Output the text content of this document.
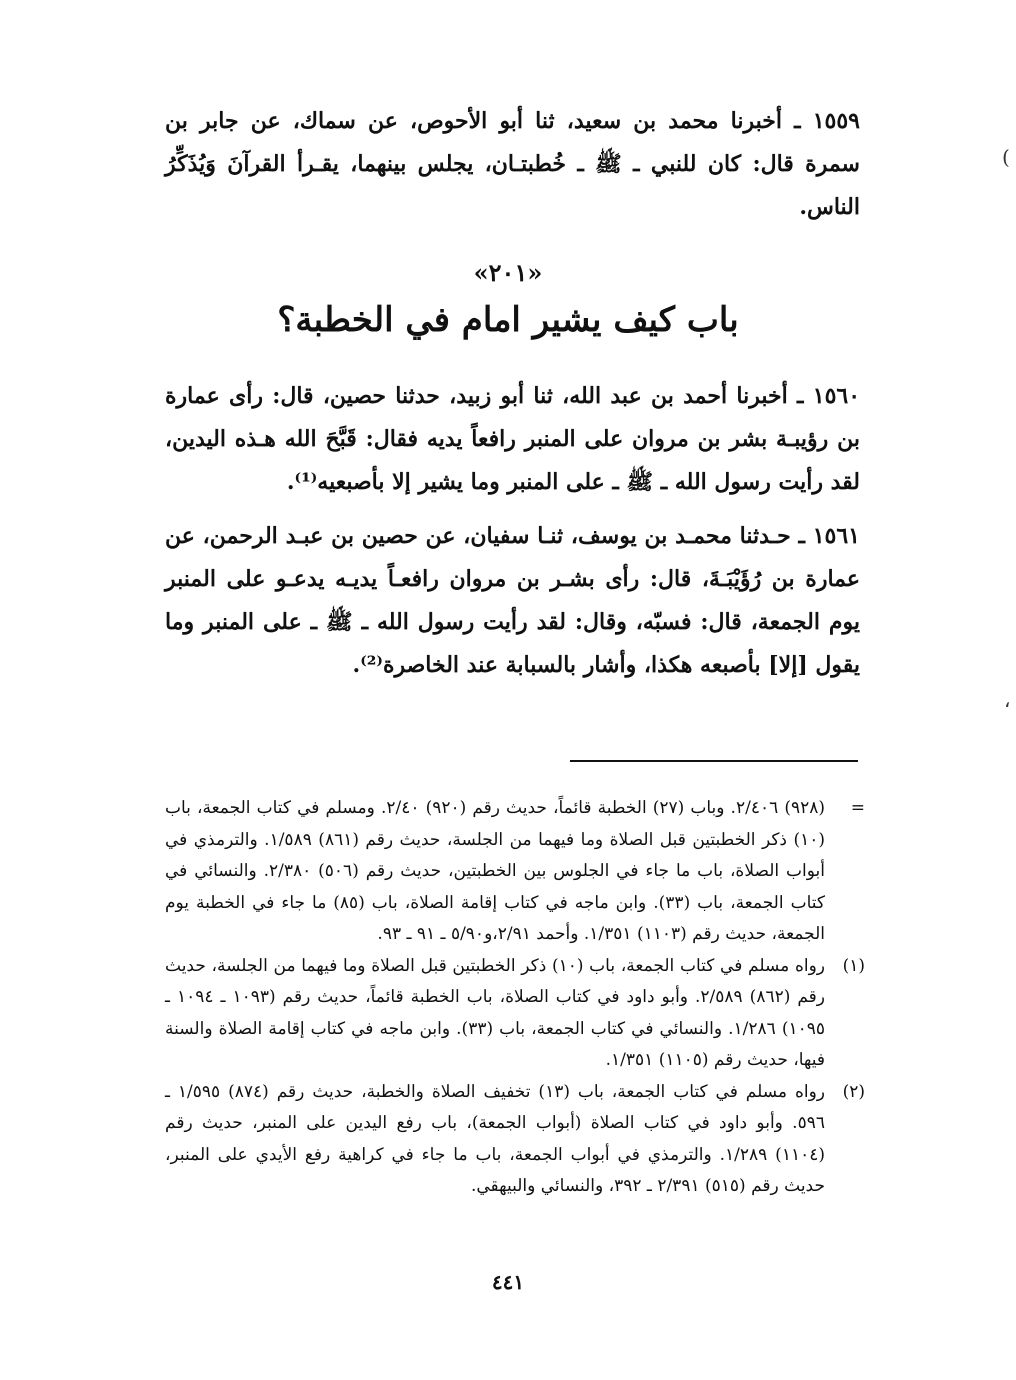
١٥٥٩ ـ أخبرنا محمد بن سعيد، ثنا أبو الأحوص، عن سماك، عن جابر بن سمرة قال: كان للنبي ـ ﷺ ـ خُطبتـان، يجلس بينهما، يقـرأ القرآنَ وَيُذَكِّرُ الناس.

«٢٠١»
باب كيف يشير امام في الخطبة؟

١٥٦٠ ـ أخبرنا أحمد بن عبد الله، ثنا أبو زبيد، حدثنا حصين، قال: رأى عمارة بن رؤيبـة بشر بن مروان على المنبر رافعاً يديه فقال: قَبَّحَ الله هـذه اليدين، لقد رأيت رسول الله ـ ﷺ ـ على المنبر وما يشير إلا بأصبعيه⁽¹⁾.

١٥٦١ ـ حـدثنا محمـد بن يوسف، ثنـا سفيان، عن حصين بن عبـد الرحمن، عن عمارة بن رُؤَيْبَـةَ، قال: رأى بشـر بن مروان رافعـاً يديـه يدعـو على المنبر يوم الجمعة، قال: فسبّه، وقال: لقد رأيت رسول الله ـ ﷺ ـ على المنبر وما يقول [إلا] بأصبعه هكذا، وأشار بالسبابة عند الخاصرة⁽²⁾.

=
(٩٢٨) ٢/٤٠٦. وباب (٢٧) الخطبة قائماً، حديث رقم (٩٢٠) ٢/٤٠. ومسلم في كتاب الجمعة، باب (١٠) ذكر الخطبتين قبل الصلاة وما فيهما من الجلسة، حديث رقم (٨٦١) ١/٥٨٩. والترمذي في أبواب الصلاة، باب ما جاء في الجلوس بين الخطبتين، حديث رقم (٥٠٦) ٢/٣٨٠. والنسائي في كتاب الجمعة، باب (٣٣). وابن ماجه في كتاب إقامة الصلاة، باب (٨٥) ما جاء في الخطبة يوم الجمعة، حديث رقم (١١٠٣) ١/٣٥١. وأحمد ٢/٩١،و٥/٩٠ ـ ٩١ ـ ٩٣.

(١)
رواه مسلم في كتاب الجمعة، باب (١٠) ذكر الخطبتين قبل الصلاة وما فيهما من الجلسة، حديث رقم (٨٦٢) ٢/٥٨٩. وأبو داود في كتاب الصلاة، باب الخطبة قائماً، حديث رقم (١٠٩٣ ـ ١٠٩٤ ـ ١٠٩٥) ١/٢٨٦. والنسائي في كتاب الجمعة، باب (٣٣). وابن ماجه في كتاب إقامة الصلاة والسنة فيها، حديث رقم (١١٠٥) ١/٣٥١.

(٢)
رواه مسلم في كتاب الجمعة، باب (١٣) تخفيف الصلاة والخطبة، حديث رقم (٨٧٤) ١/٥٩٥ ـ ٥٩٦. وأبو داود في كتاب الصلاة (أبواب الجمعة)، باب رفع اليدين على المنبر، حديث رقم (١١٠٤) ١/٢٨٩. والترمذي في أبواب الجمعة، باب ما جاء في كراهية رفع الأيدي على المنبر، حديث رقم (٥١٥) ٢/٣٩١ ـ ٣٩٢، والنسائي والبيهقي.

٤٤١
(
،
